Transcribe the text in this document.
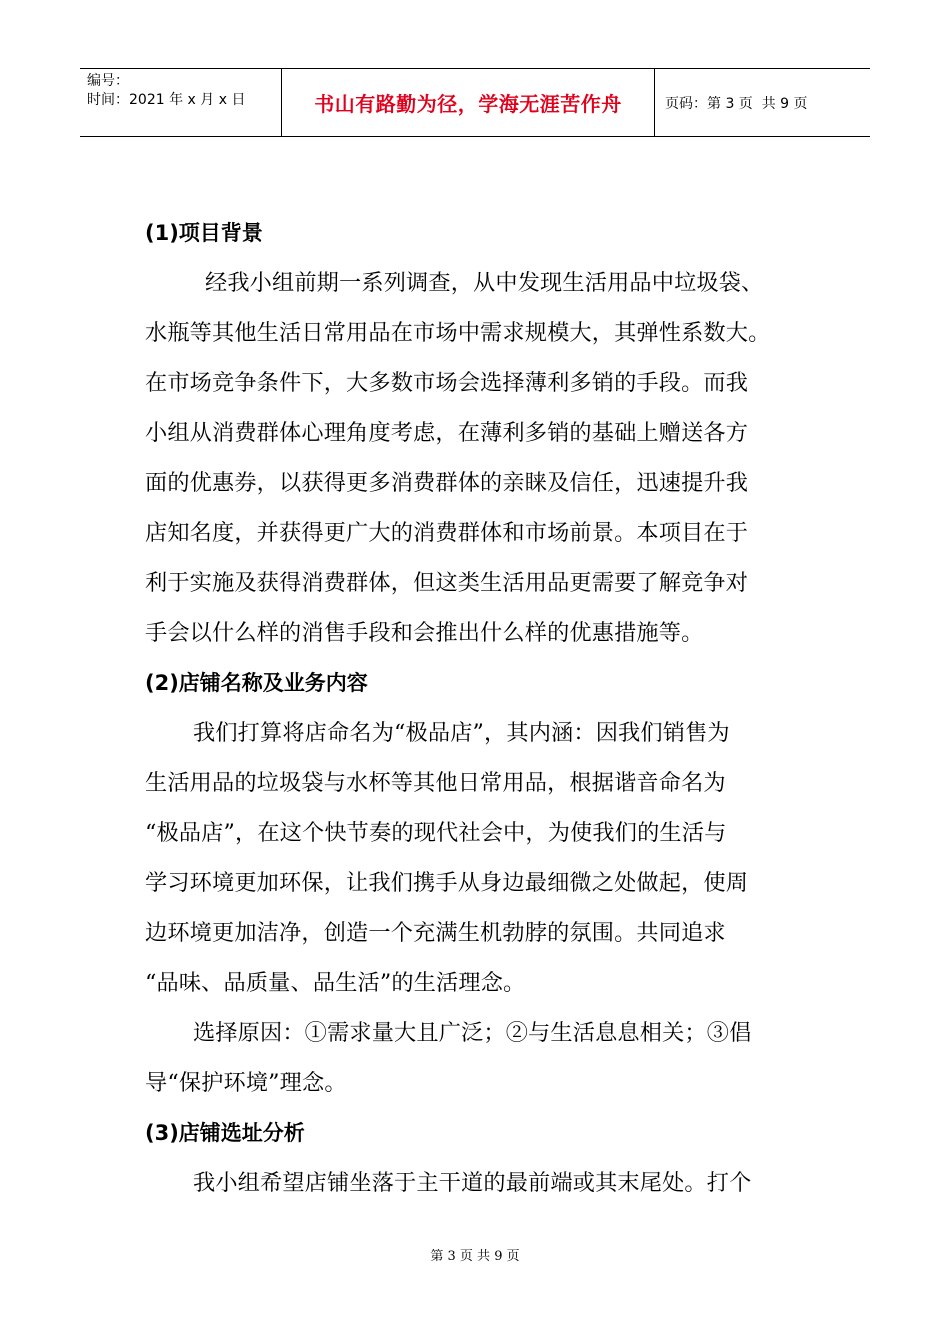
编号：
时间：2021 年 x 月 x 日	书山有路勤为径，学海无涯苦作舟	页码：第 3 页  共 9 页
(1)项目背景
经我小组前期一系列调查，从中发现生活用品中垃圾袋、
水瓶等其他生活日常用品在市场中需求规模大，其弹性系数大。
在市场竞争条件下，大多数市场会选择薄利多销的手段。而我
小组从消费群体心理角度考虑，在薄利多销的基础上赠送各方
面的优惠券，以获得更多消费群体的亲睐及信任，迅速提升我
店知名度，并获得更广大的消费群体和市场前景。本项目在于
利于实施及获得消费群体，但这类生活用品更需要了解竞争对
手会以什么样的消售手段和会推出什么样的优惠措施等。
(2)店铺名称及业务内容
我们打算将店命名为“极品店”，其内涵：因我们销售为
生活用品的垃圾袋与水杯等其他日常用品，根据谐音命名为
“极品店”，在这个快节奏的现代社会中，为使我们的生活与
学习环境更加环保，让我们携手从身边最细微之处做起，使周
边环境更加洁净，创造一个充满生机勃脖的氛围。共同追求
“品味、品质量、品生活”的生活理念。
选择原因：①需求量大且广泛；②与生活息息相关；③倡
导“保护环境”理念。
(3)店铺选址分析
我小组希望店铺坐落于主干道的最前端或其末尾处。打个
第 3 页 共 9 页
